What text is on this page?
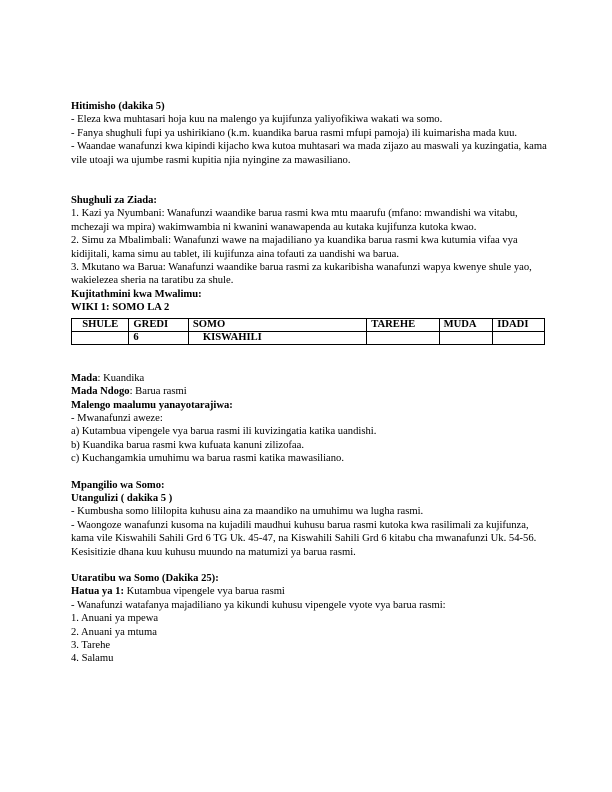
Hitimisho (dakika 5)
- Eleza kwa muhtasari hoja kuu na malengo ya kujifunza yaliyofikiwa wakati wa somo.
- Fanya shughuli fupi ya ushirikiano (k.m. kuandika barua rasmi mfupi pamoja) ili kuimarisha mada kuu.
- Waandae wanafunzi kwa kipindi kijacho kwa kutoa muhtasari wa mada zijazo au maswali ya kuzingatia, kama vile utoaji wa ujumbe rasmi kupitia njia nyingine za mawasiliano.
Shughuli za Ziada:
1. Kazi ya Nyumbani: Wanafunzi waandike barua rasmi kwa mtu maarufu (mfano: mwandishi wa vitabu, mchezaji wa mpira) wakimwambia ni kwanini wanawapenda au kutaka kujifunza kutoka kwao.
2. Simu za Mbalimbali: Wanafunzi wawe na majadiliano ya kuandika barua rasmi kwa kutumia vifaa vya kidijitali, kama simu au tablet, ili kujifunza aina tofauti za uandishi wa barua.
3. Mkutano wa Barua: Wanafunzi waandike barua rasmi za kukaribisha wanafunzi wapya kwenye shule yao, wakielezea sheria na taratibu za shule.
Kujitathmini kwa Mwalimu:
WIKI 1: SOMO LA 2
SHULE	GREDI	SOMO	TAREHE	MUDA	IDADI
	6	KISWAHILI			
Mada: Kuandika
Mada Ndogo: Barua rasmi
Malengo maalumu yanayotarajiwa:
- Mwanafunzi aweze:
a) Kutambua vipengele vya barua rasmi ili kuvizingatia katika uandishi.
b) Kuandika barua rasmi kwa kufuata kanuni zilizofaa.
c) Kuchangamkia umuhimu wa barua rasmi katika mawasiliano.
Mpangilio wa Somo:
Utangulizi ( dakika 5 )
- Kumbusha somo lililopita kuhusu aina za maandiko na umuhimu wa lugha rasmi.
- Waongoze wanafunzi kusoma na kujadili maudhui kuhusu barua rasmi kutoka kwa rasilimali za kujifunza, kama vile Kiswahili Sahili Grd 6 TG Uk. 45-47, na Kiswahili Sahili Grd 6 kitabu cha mwanafunzi Uk. 54-56. Kesisitizie dhana kuu kuhusu muundo na matumizi ya barua rasmi.
Utaratibu wa Somo (Dakika 25):
Hatua ya 1: Kutambua vipengele vya barua rasmi
- Wanafunzi watafanya majadiliano ya kikundi kuhusu vipengele vyote vya barua rasmi:
1. Anuani ya mpewa
2. Anuani ya mtuma
3. Tarehe
4. Salamu
